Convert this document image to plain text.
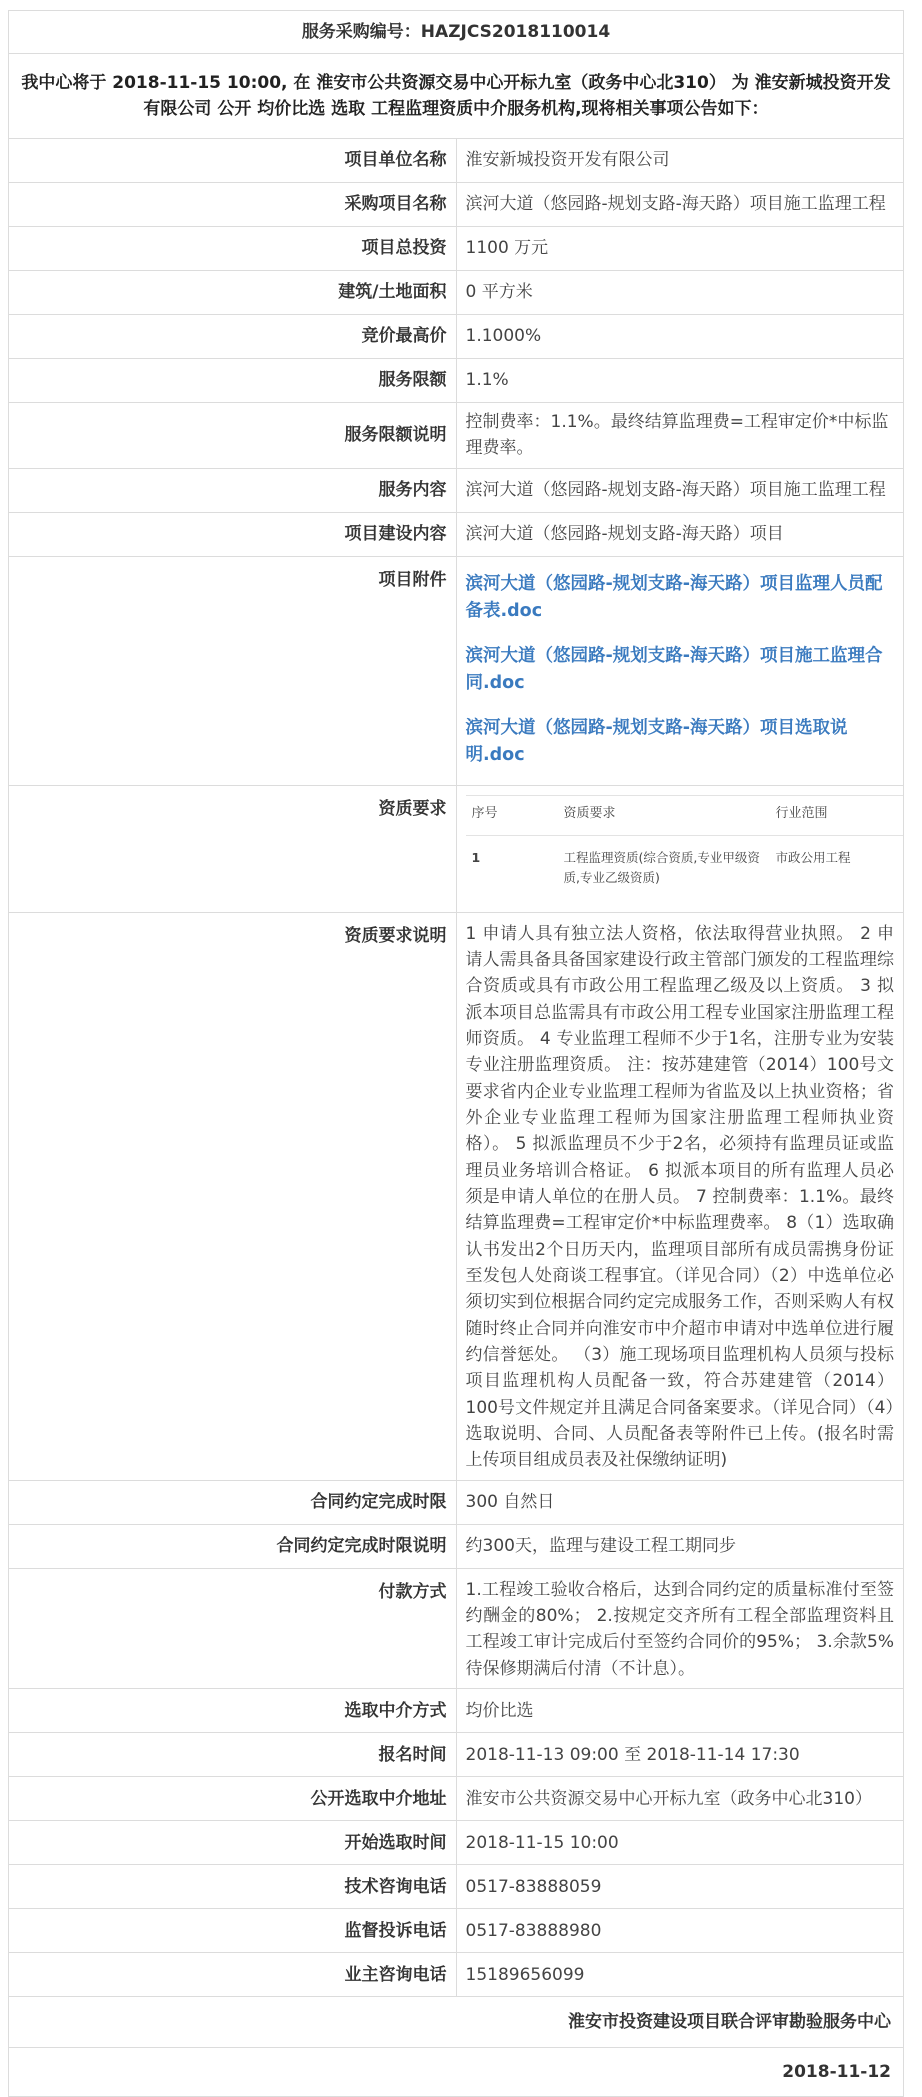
服务采购编号：HAZJCS2018110014
我中心将于 2018-11-15 10:00, 在 淮安市公共资源交易中心开标九室（政务中心北310） 为 淮安新城投资开发有限公司 公开 均价比选 选取 工程监理资质中介服务机构,现将相关事项公告如下：
项目单位名称	淮安新城投资开发有限公司
采购项目名称	滨河大道（悠园路-规划支路-海天路）项目施工监理工程
项目总投资	1100 万元
建筑/土地面积	0 平方米
竞价最高价	1.1000%
服务限额	1.1%
服务限额说明	控制费率：1.1%。最终结算监理费=工程审定价*中标监理费率。
服务内容	滨河大道（悠园路-规划支路-海天路）项目施工监理工程
项目建设内容	滨河大道（悠园路-规划支路-海天路）项目
项目附件	滨河大道（悠园路-规划支路-海天路）项目监理人员配备表.doc
滨河大道（悠园路-规划支路-海天路）项目施工监理合同.doc
滨河大道（悠园路-规划支路-海天路）项目选取说明.doc

资质要求	序号	资质要求	行业范围
1	工程监理资质(综合资质,专业甲级资质,专业乙级资质)	市政公用工程

资质要求说明	1 申请人具有独立法人资格，依法取得营业执照。 2 申请人需具备具备国家建设行政主管部门颁发的工程监理综合资质或具有市政公用工程监理乙级及以上资质。 3 拟派本项目总监需具有市政公用工程专业国家注册监理工程师资质。 4 专业监理工程师不少于1名，注册专业为安装专业注册监理资质。 注：按苏建建管（2014）100号文要求省内企业专业监理工程师为省监及以上执业资格；省外企业专业监理工程师为国家注册监理工程师执业资格）。 5 拟派监理员不少于2名，必须持有监理员证或监理员业务培训合格证。 6 拟派本项目的所有监理人员必须是申请人单位的在册人员。 7 控制费率：1.1%。最终结算监理费=工程审定价*中标监理费率。 8（1）选取确认书发出2个日历天内，监理项目部所有成员需携身份证至发包人处商谈工程事宜。（详见合同）（2）中选单位必须切实到位根据合同约定完成服务工作，否则采购人有权随时终止合同并向淮安市中介超市申请对中选单位进行履约信誉惩处。 （3）施工现场项目监理机构人员须与投标项目监理机构人员配备一致，符合苏建建管（2014）100号文件规定并且满足合同备案要求。（详见合同）（4）选取说明、合同、人员配备表等附件已上传。(报名时需上传项目组成员表及社保缴纳证明)
合同约定完成时限	300 自然日
合同约定完成时限说明	约300天，监理与建设工程工期同步
付款方式	1.工程竣工验收合格后，达到合同约定的质量标准付至签约酬金的80%； 2.按规定交齐所有工程全部监理资料且工程竣工审计完成后付至签约合同价的95%； 3.余款5%待保修期满后付清（不计息）。
选取中介方式	均价比选
报名时间	2018-11-13 09:00 至 2018-11-14 17:30
公开选取中介地址	淮安市公共资源交易中心开标九室（政务中心北310）
开始选取时间	2018-11-15 10:00
技术咨询电话	0517-83888059
监督投诉电话	0517-83888980
业主咨询电话	15189656099
淮安市投资建设项目联合评审勘验服务中心
2018-11-12
